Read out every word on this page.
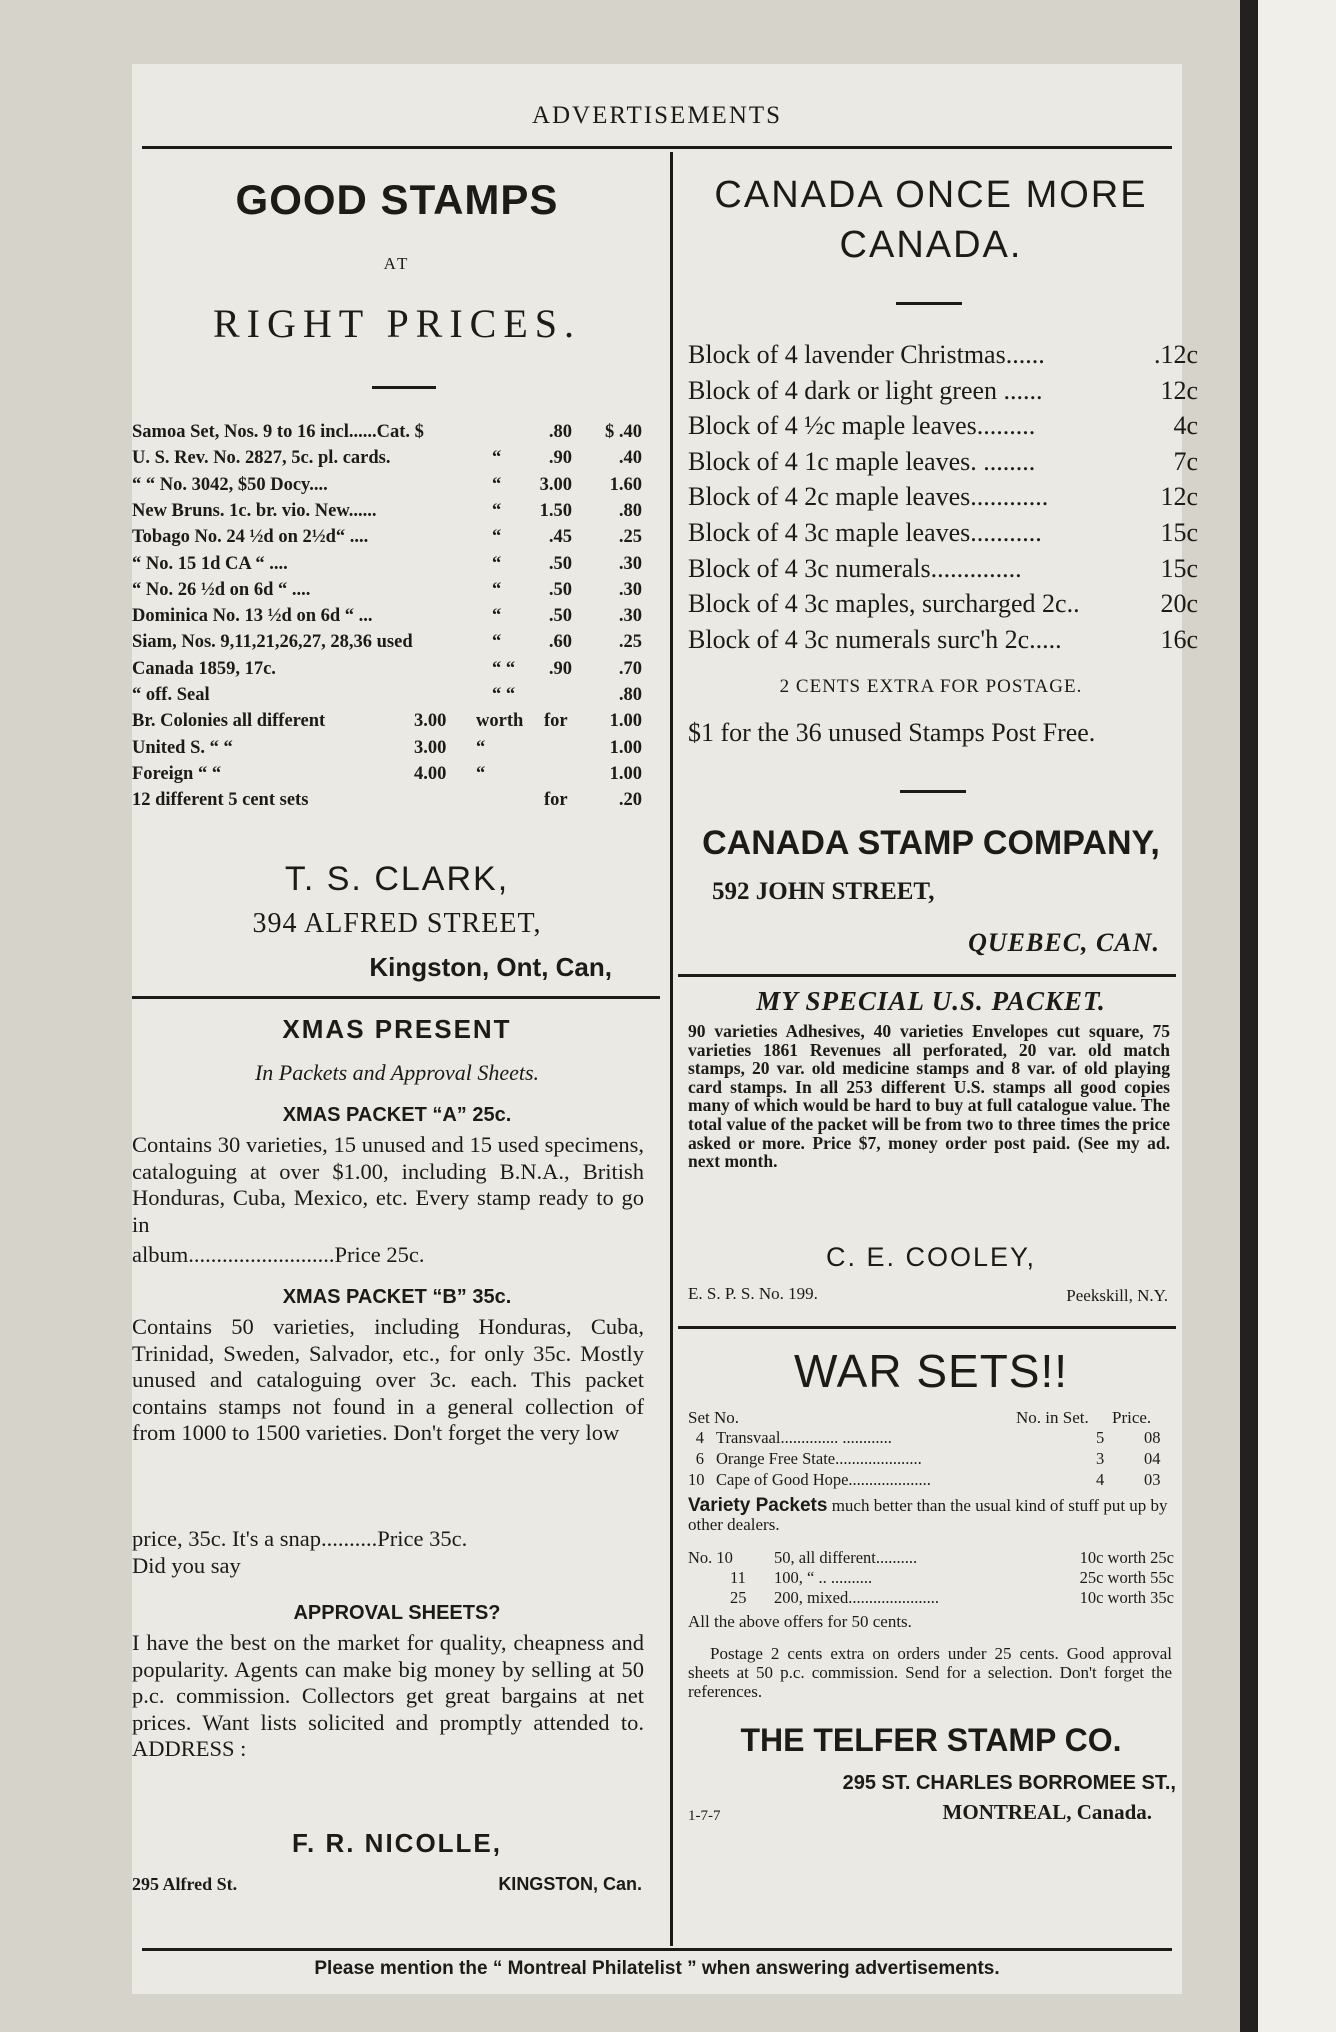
ADVERTISEMENTS
GOOD STAMPS
AT
RIGHT PRICES.
Samoa Set, Nos. 9 to 16 incl......Cat. $	.80 $ .40
U. S. Rev. No. 2827, 5c. pl. cards.	“	.90	.40
“ “ No. 3042, $50 Docy....	“	3.00 1.60
New Bruns. 1c. br. vio. New......	“	1.50	.80
Tobago No. 24 ½d on 2½d“ ....	“	.45	.25
“ No. 15 1d CA “ ....	“	.50	.30
“ No. 26 ½d on 6d “ ....	“	.50	.30
Dominica No. 13 ½d on 6d “ ...	“	.50	.30
Siam, Nos. 9,11,21,26,27, 28,36 used	“	.60	.25
Canada 1859, 17c.	“ “	.90	.70
“ off. Seal	“ “	.80
Br. Colonies all different	3.00 worth for 1.00
United S. “ “	3.00 “	1.00
Foreign “ “	4.00 “	1.00
12 different 5 cent sets	for	.20
T. S. CLARK,
394 ALFRED STREET,
Kingston, Ont, Can,
XMAS PRESENT
In Packets and Approval Sheets.
XMAS PACKET “A” 25c.
Contains 30 varieties, 15 unused and 15 used specimens, cataloguing at over $1.00, including B.N.A., British Honduras, Cuba, Mexico, etc. Every stamp ready to go in
album..........................Price 25c.
XMAS PACKET “B” 35c.
Contains 50 varieties, including Honduras, Cuba, Trinidad, Sweden, Salvador, etc., for only 35c. Mostly unused and cataloguing over 3c. each. This packet contains stamps not found in a general collection of from 1000 to 1500 varieties. Don't forget the very low
price, 35c. It's a snap..........Price 35c.
Did you say
APPROVAL SHEETS?
I have the best on the market for quality, cheapness and popularity. Agents can make big money by selling at 50 p.c. commission. Collectors get great bargains at net prices. Want lists solicited and promptly attended to. ADDRESS :
F. R. NICOLLE,
295 Alfred St.	KINGSTON, Can.
CANADA ONCE MORE
CANADA.
Block of 4 lavender Christmas......	.12c
Block of 4 dark or light green ......	12c
Block of 4 ½c maple leaves.........	4c
Block of 4 1c maple leaves. ........	7c
Block of 4 2c maple leaves............	12c
Block of 4 3c maple leaves...........	15c
Block of 4 3c numerals..............	15c
Block of 4 3c maples, surcharged 2c..	20c
Block of 4 3c numerals surc'h 2c.....	16c
2 CENTS EXTRA FOR POSTAGE.
$1 for the 36 unused Stamps Post Free.
CANADA STAMP COMPANY,
592 JOHN STREET,
QUEBEC, CAN.
MY SPECIAL U.S. PACKET.
90 varieties Adhesives, 40 varieties Envelopes cut square, 75 varieties 1861 Revenues all perforated, 20 var. old match stamps, 20 var. old medicine stamps and 8 var. of old playing card stamps. In all 253 different U.S. stamps all good copies many of which would be hard to buy at full catalogue value. The total value of the packet will be from two to three times the price asked or more. Price $7, money order post paid. (See my ad. next month.
C. E. COOLEY,
E. S. P. S. No. 199.	Peekskill, N.Y.
WAR SETS!!
Set No.	No. in Set. Price.
4 Transvaal.............. ............	5 08
6 Orange Free State.....................	3 04
10 Cape of Good Hope....................	4 03
Variety Packets much better than the usual kind of stuff put up by other dealers.
No. 10 50, all different..........	10c worth 25c
11 100, “ .. ..........	25c worth 55c
25 200, mixed......................	10c worth 35c
All the above offers for 50 cents.
Postage 2 cents extra on orders under 25 cents. Good approval sheets at 50 p.c. commission. Send for a selection. Don't forget the references.
THE TELFER STAMP CO.
295 ST. CHARLES BORROMEE ST.,
1-7-7	MONTREAL, Canada.
Please mention the “ Montreal Philatelist ” when answering advertisements.
